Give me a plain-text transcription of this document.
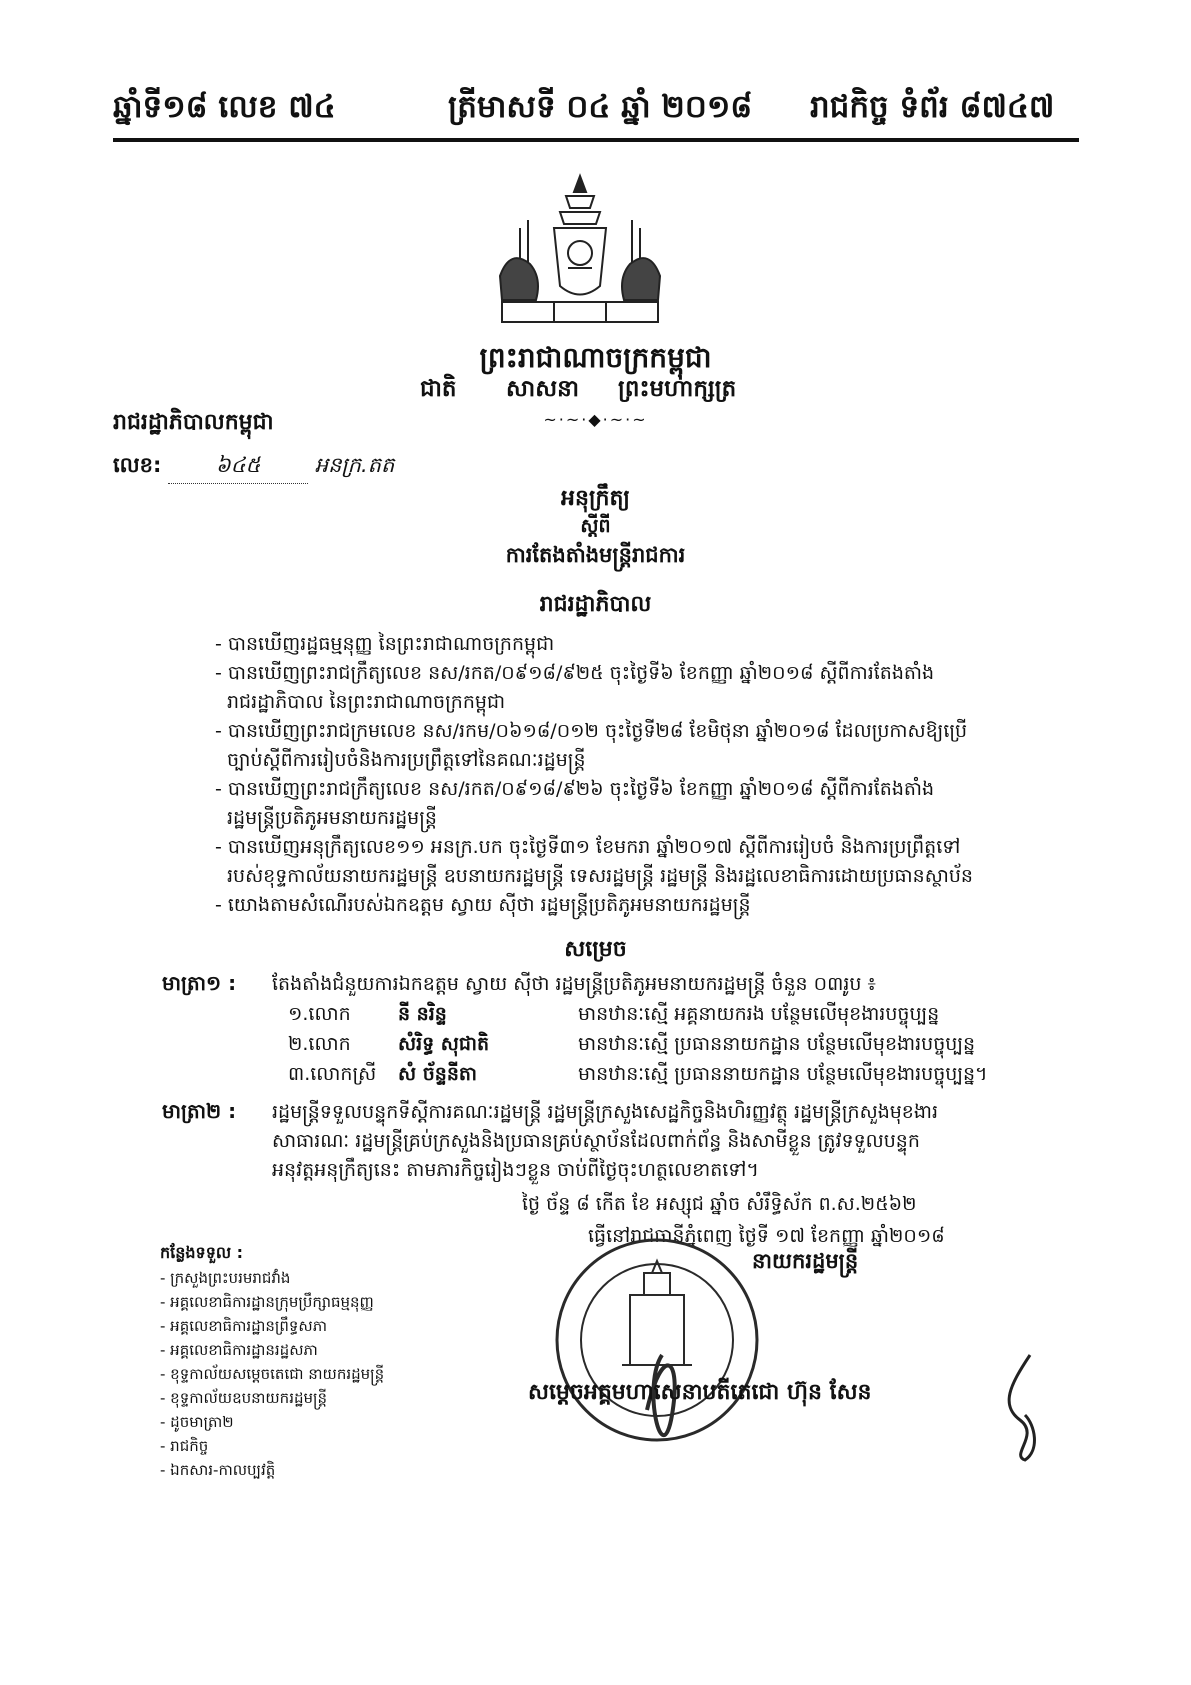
ឆ្នាំទី១៨ លេខ ៧៤	ត្រីមាសទី ០៤ ឆ្នាំ ២០១៨ រាជកិច្ច ទំព័រ ៨៧៤៧
ព្រះរាជាណាចក្រកម្ពុជា
ជាតិ សាសនា ព្រះមហាក្សត្រ
~·~·◆·~·~
រាជរដ្ឋាភិបាលកម្ពុជា
លេខ:	៦៤៥	អនក្រ.តត
អនុក្រឹត្យ
ស្ដីពី
ការតែងតាំងមន្ត្រីរាជការ
រាជរដ្ឋាភិបាល
- បានឃើញរដ្ឋធម្មនុញ្ញ នៃព្រះរាជាណាចក្រកម្ពុជា
- បានឃើញព្រះរាជក្រឹត្យលេខ នស/រកត/០៩១៨/៩២៥ ចុះថ្ងៃទី៦ ខែកញ្ញា ឆ្នាំ២០១៨ ស្ដីពីការតែងតាំង
រាជរដ្ឋាភិបាល នៃព្រះរាជាណាចក្រកម្ពុជា
- បានឃើញព្រះរាជក្រមលេខ នស/រកម/០៦១៨/០១២ ចុះថ្ងៃទី២៨ ខែមិថុនា ឆ្នាំ២០១៨ ដែលប្រកាសឱ្យប្រើ
ច្បាប់ស្ដីពីការរៀបចំនិងការប្រព្រឹត្តទៅនៃគណៈរដ្ឋមន្ត្រី
- បានឃើញព្រះរាជក្រឹត្យលេខ នស/រកត/០៩១៨/៩២៦ ចុះថ្ងៃទី៦ ខែកញ្ញា ឆ្នាំ២០១៨ ស្ដីពីការតែងតាំង
រដ្ឋមន្ត្រីប្រតិភូអមនាយករដ្ឋមន្ត្រី
- បានឃើញអនុក្រឹត្យលេខ១១ អនក្រ.បក ចុះថ្ងៃទី៣១ ខែមករា ឆ្នាំ២០១៧ ស្ដីពីការរៀបចំ និងការប្រព្រឹត្តទៅ
របស់ខុទ្ទកាល័យនាយករដ្ឋមន្ត្រី ឧបនាយករដ្ឋមន្ត្រី ទេសរដ្ឋមន្ត្រី រដ្ឋមន្ត្រី និងរដ្ឋលេខាធិការដោយប្រធានស្ថាប័ន
- យោងតាមសំណើរបស់ឯកឧត្ដម ស្វាយ ស៊ីថា រដ្ឋមន្ត្រីប្រតិភូអមនាយករដ្ឋមន្ត្រី
សម្រេច
មាត្រា១ : តែងតាំងជំនួយការឯកឧត្ដម ស្វាយ ស៊ីថា រដ្ឋមន្ត្រីប្រតិភូអមនាយករដ្ឋមន្ត្រី ចំនួន ០៣រូប ៖
១.លោក នី នរិន្ទ	មានឋានៈស្មើ អគ្គនាយករង បន្ថែមលើមុខងារបច្ចុប្បន្ន
២.លោក សំរិទ្ធ សុជាតិ	មានឋានៈស្មើ ប្រធាននាយកដ្ឋាន បន្ថែមលើមុខងារបច្ចុប្បន្ន
៣.លោកស្រី សំ ច័ន្ទនីតា	មានឋានៈស្មើ ប្រធាននាយកដ្ឋាន បន្ថែមលើមុខងារបច្ចុប្បន្ន។
មាត្រា២ : រដ្ឋមន្ត្រីទទួលបន្ទុកទីស្ដីការគណៈរដ្ឋមន្ត្រី រដ្ឋមន្ត្រីក្រសួងសេដ្ឋកិច្ចនិងហិរញ្ញវត្ថុ រដ្ឋមន្ត្រីក្រសួងមុខងារ
សាធារណៈ រដ្ឋមន្ត្រីគ្រប់ក្រសួងនិងប្រធានគ្រប់ស្ថាប័នដែលពាក់ព័ន្ធ និងសាមីខ្លួន ត្រូវទទួលបន្ទុក
អនុវត្តអនុក្រឹត្យនេះ តាមភារកិច្ចរៀងៗខ្លួន ចាប់ពីថ្ងៃចុះហត្ថលេខាតទៅ។
ថ្ងៃ ច័ន្ទ ៨ កើត ខែ អស្សុជ ឆ្នាំច សំរឹទ្ធិស័ក ព.ស.២៥៦២
ធ្វើនៅរាជធានីភ្នំពេញ ថ្ងៃទី ១៧ ខែកញ្ញា ឆ្នាំ២០១៨
នាយករដ្ឋមន្ត្រី
សម្ដេចអគ្គមហាសេនាបតីតេជោ ហ៊ុន សែន
កន្លែងទទួល :
- ក្រសួងព្រះបរមរាជវាំង
- អគ្គលេខាធិការដ្ឋានក្រុមប្រឹក្សាធម្មនុញ្ញ
- អគ្គលេខាធិការដ្ឋានព្រឹទ្ធសភា
- អគ្គលេខាធិការដ្ឋានរដ្ឋសភា
- ខុទ្ទកាល័យសម្ដេចតេជោ នាយករដ្ឋមន្ត្រី
- ខុទ្ទកាល័យឧបនាយករដ្ឋមន្ត្រី
- ដូចមាត្រា២
- រាជកិច្ច
- ឯកសារ-កាលប្បវត្តិ
